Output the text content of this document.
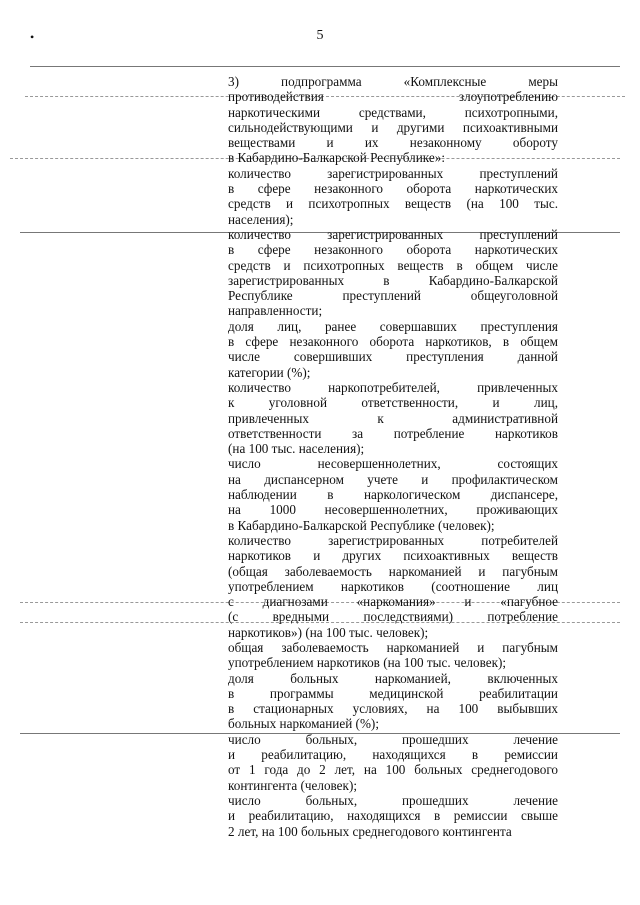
•	5
3) подпрограмма «Комплексные меры
противодействия злоупотреблению
наркотическими средствами, психотропными,
сильнодействующими и другими психоактивными
веществами и их незаконному обороту
в Кабардино-Балкарской Республике»:
количество зарегистрированных преступлений
в сфере незаконного оборота наркотических
средств и психотропных веществ (на 100 тыс.
населения);
количество зарегистрированных преступлений
в сфере незаконного оборота наркотических
средств и психотропных веществ в общем числе
зарегистрированных в Кабардино-Балкарской
Республике преступлений общеуголовной
направленности;
доля лиц, ранее совершавших преступления
в сфере незаконного оборота наркотиков, в общем
числе совершивших преступления данной
категории (%);
количество наркопотребителей, привлеченных
к уголовной ответственности, и лиц,
привлеченных к административной
ответственности за потребление наркотиков
(на 100 тыс. населения);
число несовершеннолетних, состоящих
на диспансерном учете и профилактическом
наблюдении в наркологическом диспансере,
на 1000 несовершеннолетних, проживающих
в Кабардино-Балкарской Республике (человек);
количество зарегистрированных потребителей
наркотиков и других психоактивных веществ
(общая заболеваемость наркоманией и пагубным
употреблением наркотиков (соотношение лиц
с диагнозами «наркомания» и «пагубное
(с вредными последствиями) потребление
наркотиков») (на 100 тыс. человек);
общая заболеваемость наркоманией и пагубным
употреблением наркотиков (на 100 тыс. человек);
доля больных наркоманией, включенных
в программы медицинской реабилитации
в стационарных условиях, на 100 выбывших
больных наркоманией (%);
число больных, прошедших лечение
и реабилитацию, находящихся в ремиссии
от 1 года до 2 лет, на 100 больных среднегодового
контингента (человек);
число больных, прошедших лечение
и реабилитацию, находящихся в ремиссии свыше
2 лет, на 100 больных среднегодового контингента
